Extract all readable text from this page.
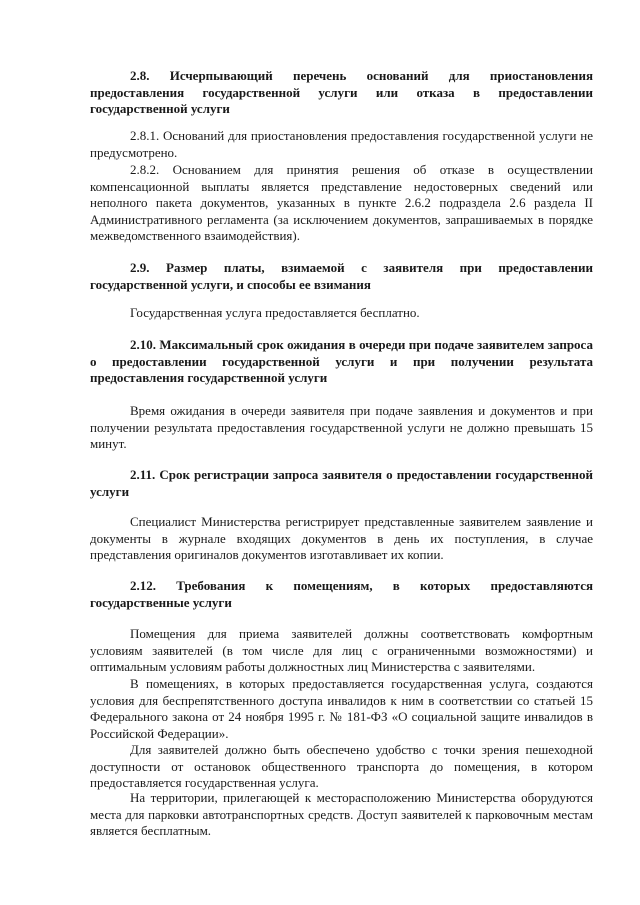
2.8. Исчерпывающий перечень оснований для приостановления предоставления государственной услуги или отказа в предоставлении государственной услуги

2.8.1. Оснований для приостановления предоставления государственной услуги не предусмотрено.

2.8.2. Основанием для принятия решения об отказе в осуществлении компенсационной выплаты является представление недостоверных сведений или неполного пакета документов, указанных в пункте 2.6.2 подраздела 2.6 раздела II Административного регламента (за исключением документов, запрашиваемых в порядке межведомственного взаимодействия).

2.9. Размер платы, взимаемой с заявителя при предоставлении государственной услуги, и способы ее взимания

Государственная услуга предоставляется бесплатно.

2.10. Максимальный срок ожидания в очереди при подаче заявителем запроса о предоставлении государственной услуги и при получении результата предоставления государственной услуги

Время ожидания в очереди заявителя при подаче заявления и документов и при получении результата предоставления государственной услуги не должно превышать 15 минут.

2.11. Срок регистрации запроса заявителя о предоставлении государственной услуги

Специалист Министерства регистрирует представленные заявителем заявление и документы в журнале входящих документов в день их поступления, в случае представления оригиналов документов изготавливает их копии.

2.12. Требования к помещениям, в которых предоставляются государственные услуги

Помещения для приема заявителей должны соответствовать комфортным условиям заявителей (в том числе для лиц с ограниченными возможностями) и оптимальным условиям работы должностных лиц Министерства с заявителями.

В помещениях, в которых предоставляется государственная услуга, создаются условия для беспрепятственного доступа инвалидов к ним в соответствии со статьей 15 Федерального закона от 24 ноября 1995 г. № 181-ФЗ «О социальной защите инвалидов в Российской Федерации».

Для заявителей должно быть обеспечено удобство с точки зрения пешеходной доступности от остановок общественного транспорта до помещения, в котором предоставляется государственная услуга.

На территории, прилегающей к месторасположению Министерства оборудуются места для парковки автотранспортных средств. Доступ заявителей к парковочным местам является бесплатным.
